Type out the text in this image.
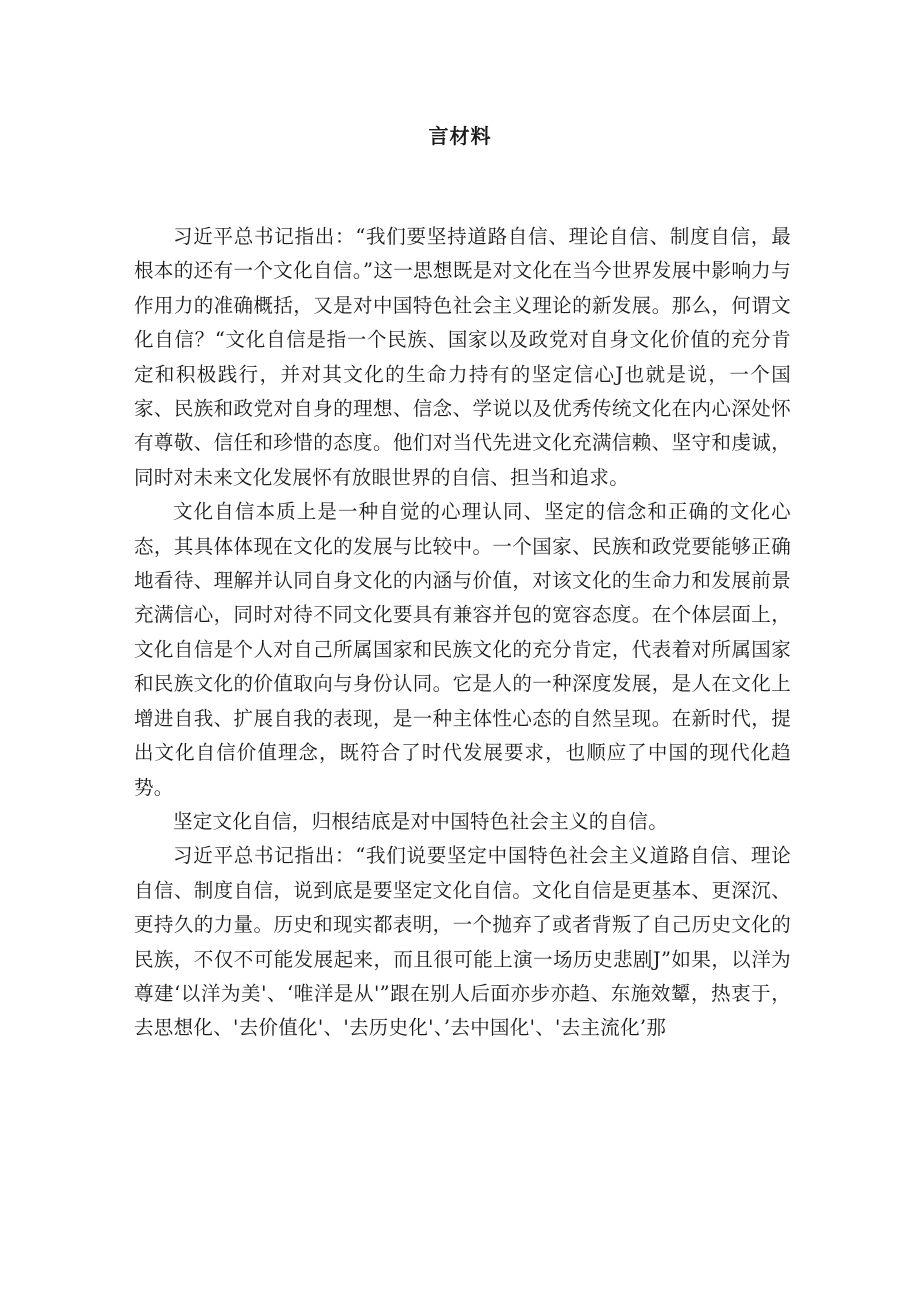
言材料

习近平总书记指出：“我们要坚持道路自信、理论自信、制度自信，最根本的还有一个文化自信。”这一思想既是对文化在当今世界发展中影响力与作用力的准确概括，又是对中国特色社会主义理论的新发展。那么，何谓文化自信？“文化自信是指一个民族、国家以及政党对自身文化价值的充分肯定和积极践行，并对其文化的生命力持有的坚定信心J也就是说，一个国家、民族和政党对自身的理想、信念、学说以及优秀传统文化在内心深处怀有尊敬、信任和珍惜的态度。他们对当代先进文化充满信赖、坚守和虔诚，同时对未来文化发展怀有放眼世界的自信、担当和追求。

文化自信本质上是一种自觉的心理认同、坚定的信念和正确的文化心态，其具体体现在文化的发展与比较中。一个国家、民族和政党要能够正确地看待、理解并认同自身文化的内涵与价值，对该文化的生命力和发展前景充满信心，同时对待不同文化要具有兼容并包的宽容态度。在个体层面上，文化自信是个人对自己所属国家和民族文化的充分肯定，代表着对所属国家和民族文化的价值取向与身份认同。它是人的一种深度发展，是人在文化上增进自我、扩展自我的表现，是一种主体性心态的自然呈现。在新时代，提出文化自信价值理念，既符合了时代发展要求，也顺应了中国的现代化趋势。

坚定文化自信，归根结底是对中国特色社会主义的自信。

习近平总书记指出：“我们说要坚定中国特色社会主义道路自信、理论自信、制度自信，说到底是要坚定文化自信。文化自信是更基本、更深沉、更持久的力量。历史和现实都表明，一个抛弃了或者背叛了自己历史文化的民族，不仅不可能发展起来，而且很可能上演一场历史悲剧J”如果，以洋为尊建‘以洋为美'、‘唯洋是从'”跟在别人后面亦步亦趋、东施效颦，热衷于，去思想化、'去价值化'、'去历史化'、’去中国化'、'去主流化’那
